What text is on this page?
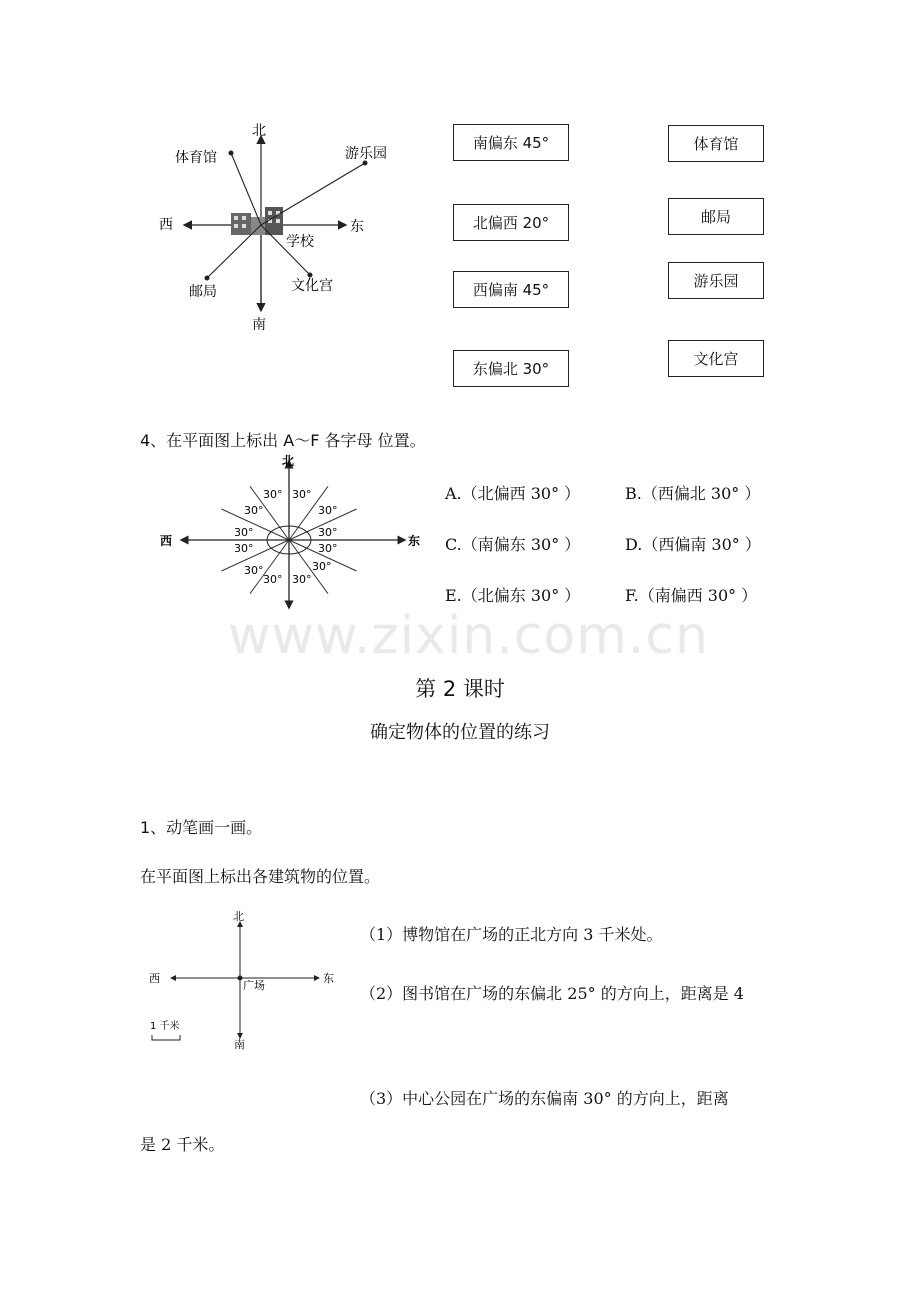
www.zixin.com.cn
北
南
西	东
体育馆	游乐园
学校
邮局	文化宫
南偏东 45°
北偏西 20°
西偏南 45°
东偏北 30°
体育馆
邮局
游乐园
文化宫
4、在平面图上标出 A～F 各字母 位置。
北
西	东
30° 30°
30°	30°
30°	30°
30°	30°
30°	30°
30° 30°
A.（北偏西 30° ）	B.（西偏北 30° ）
C.（南偏东 30° ）	D.（西偏南 30° ）
E.（北偏东 30° ）	F.（南偏西 30° ）
第 2 课时
确定物体的位置的练习
1、动笔画一画。
在平面图上标出各建筑物的位置。
北
南
西	东
广场
1 千米
（1）博物馆在广场的正北方向 3 千米处。
（2）图书馆在广场的东偏北 25° 的方向上，距离是 4
（3）中心公园在广场的东偏南 30° 的方向上，距离
是 2 千米。
